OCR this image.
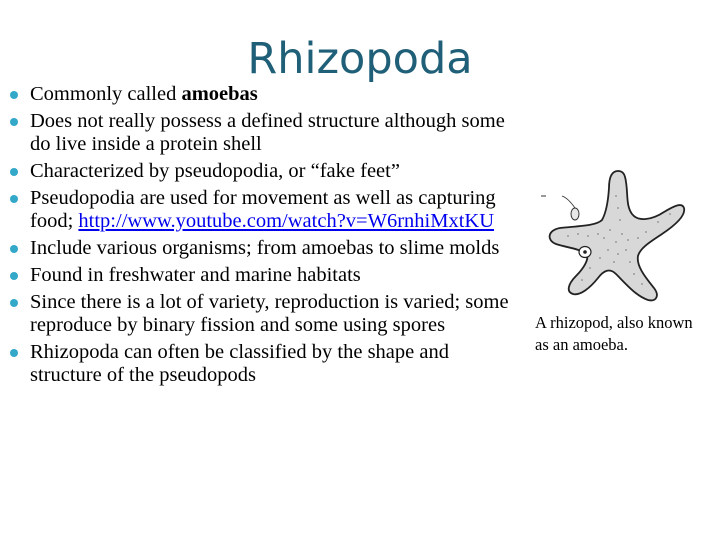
Rhizopoda
Commonly called amoebas
Does not really possess a defined structure although some do live inside a protein shell
Characterized by pseudopodia, or “fake feet”
Pseudopodia are used for movement as well as capturing food; http://www.youtube.com/watch?v=W6rnhiMxtKU
Include various organisms; from amoebas to slime molds
Found in freshwater and marine habitats
Since there is a lot of variety, reproduction is varied; some reproduce by binary fission and some using spores
Rhizopoda can often be classified by the shape and structure of the pseudopods
A rhizopod, also known as an amoeba.
